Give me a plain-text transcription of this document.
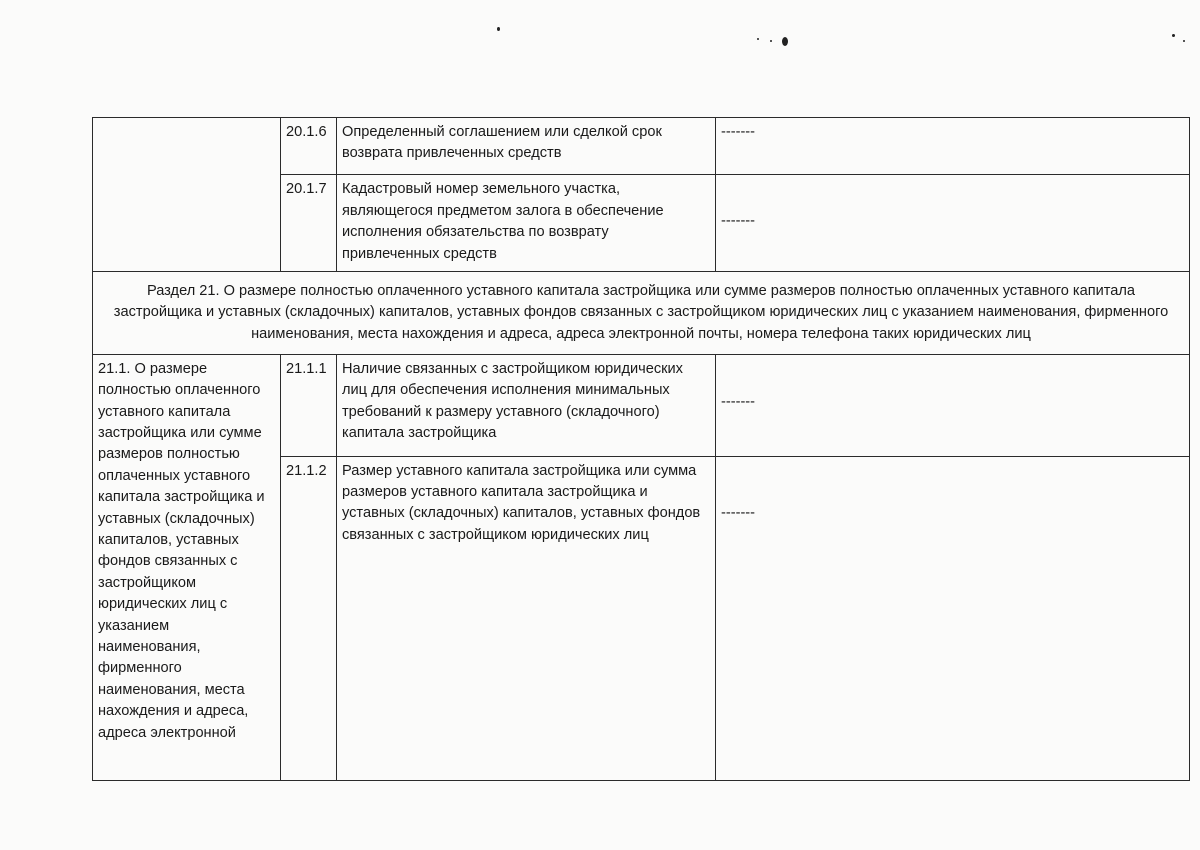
	20.1.6	Определенный соглашением или сделкой срок возврата привлеченных средств	-------
	20.1.7	Кадастровый номер земельного участка, являющегося предметом залога в обеспечение исполнения обязательства по возврату привлеченных средств	-------
Раздел 21. О размере полностью оплаченного уставного капитала застройщика или сумме размеров полностью оплаченных уставного капитала застройщика и уставных (складочных) капиталов, уставных фондов связанных с застройщиком юридических лиц с указанием наименования, фирменного наименования, места нахождения и адреса, адреса электронной почты, номера телефона таких юридических лиц			
21.1. О размере полностью оплаченного уставного капитала застройщика или сумме размеров полностью оплаченных уставного капитала застройщика и уставных (складочных) капиталов, уставных фондов связанных с застройщиком юридических лиц с указанием наименования, фирменного наименования, места нахождения и адреса, адреса электронной	21.1.1	Наличие связанных с застройщиком юридических лиц для обеспечения исполнения минимальных требований к размеру уставного (складочного) капитала застройщика	-------
	21.1.2	Размер уставного капитала застройщика или сумма размеров уставного капитала застройщика и уставных (складочных) капиталов, уставных фондов связанных с застройщиком юридических лиц	-------
